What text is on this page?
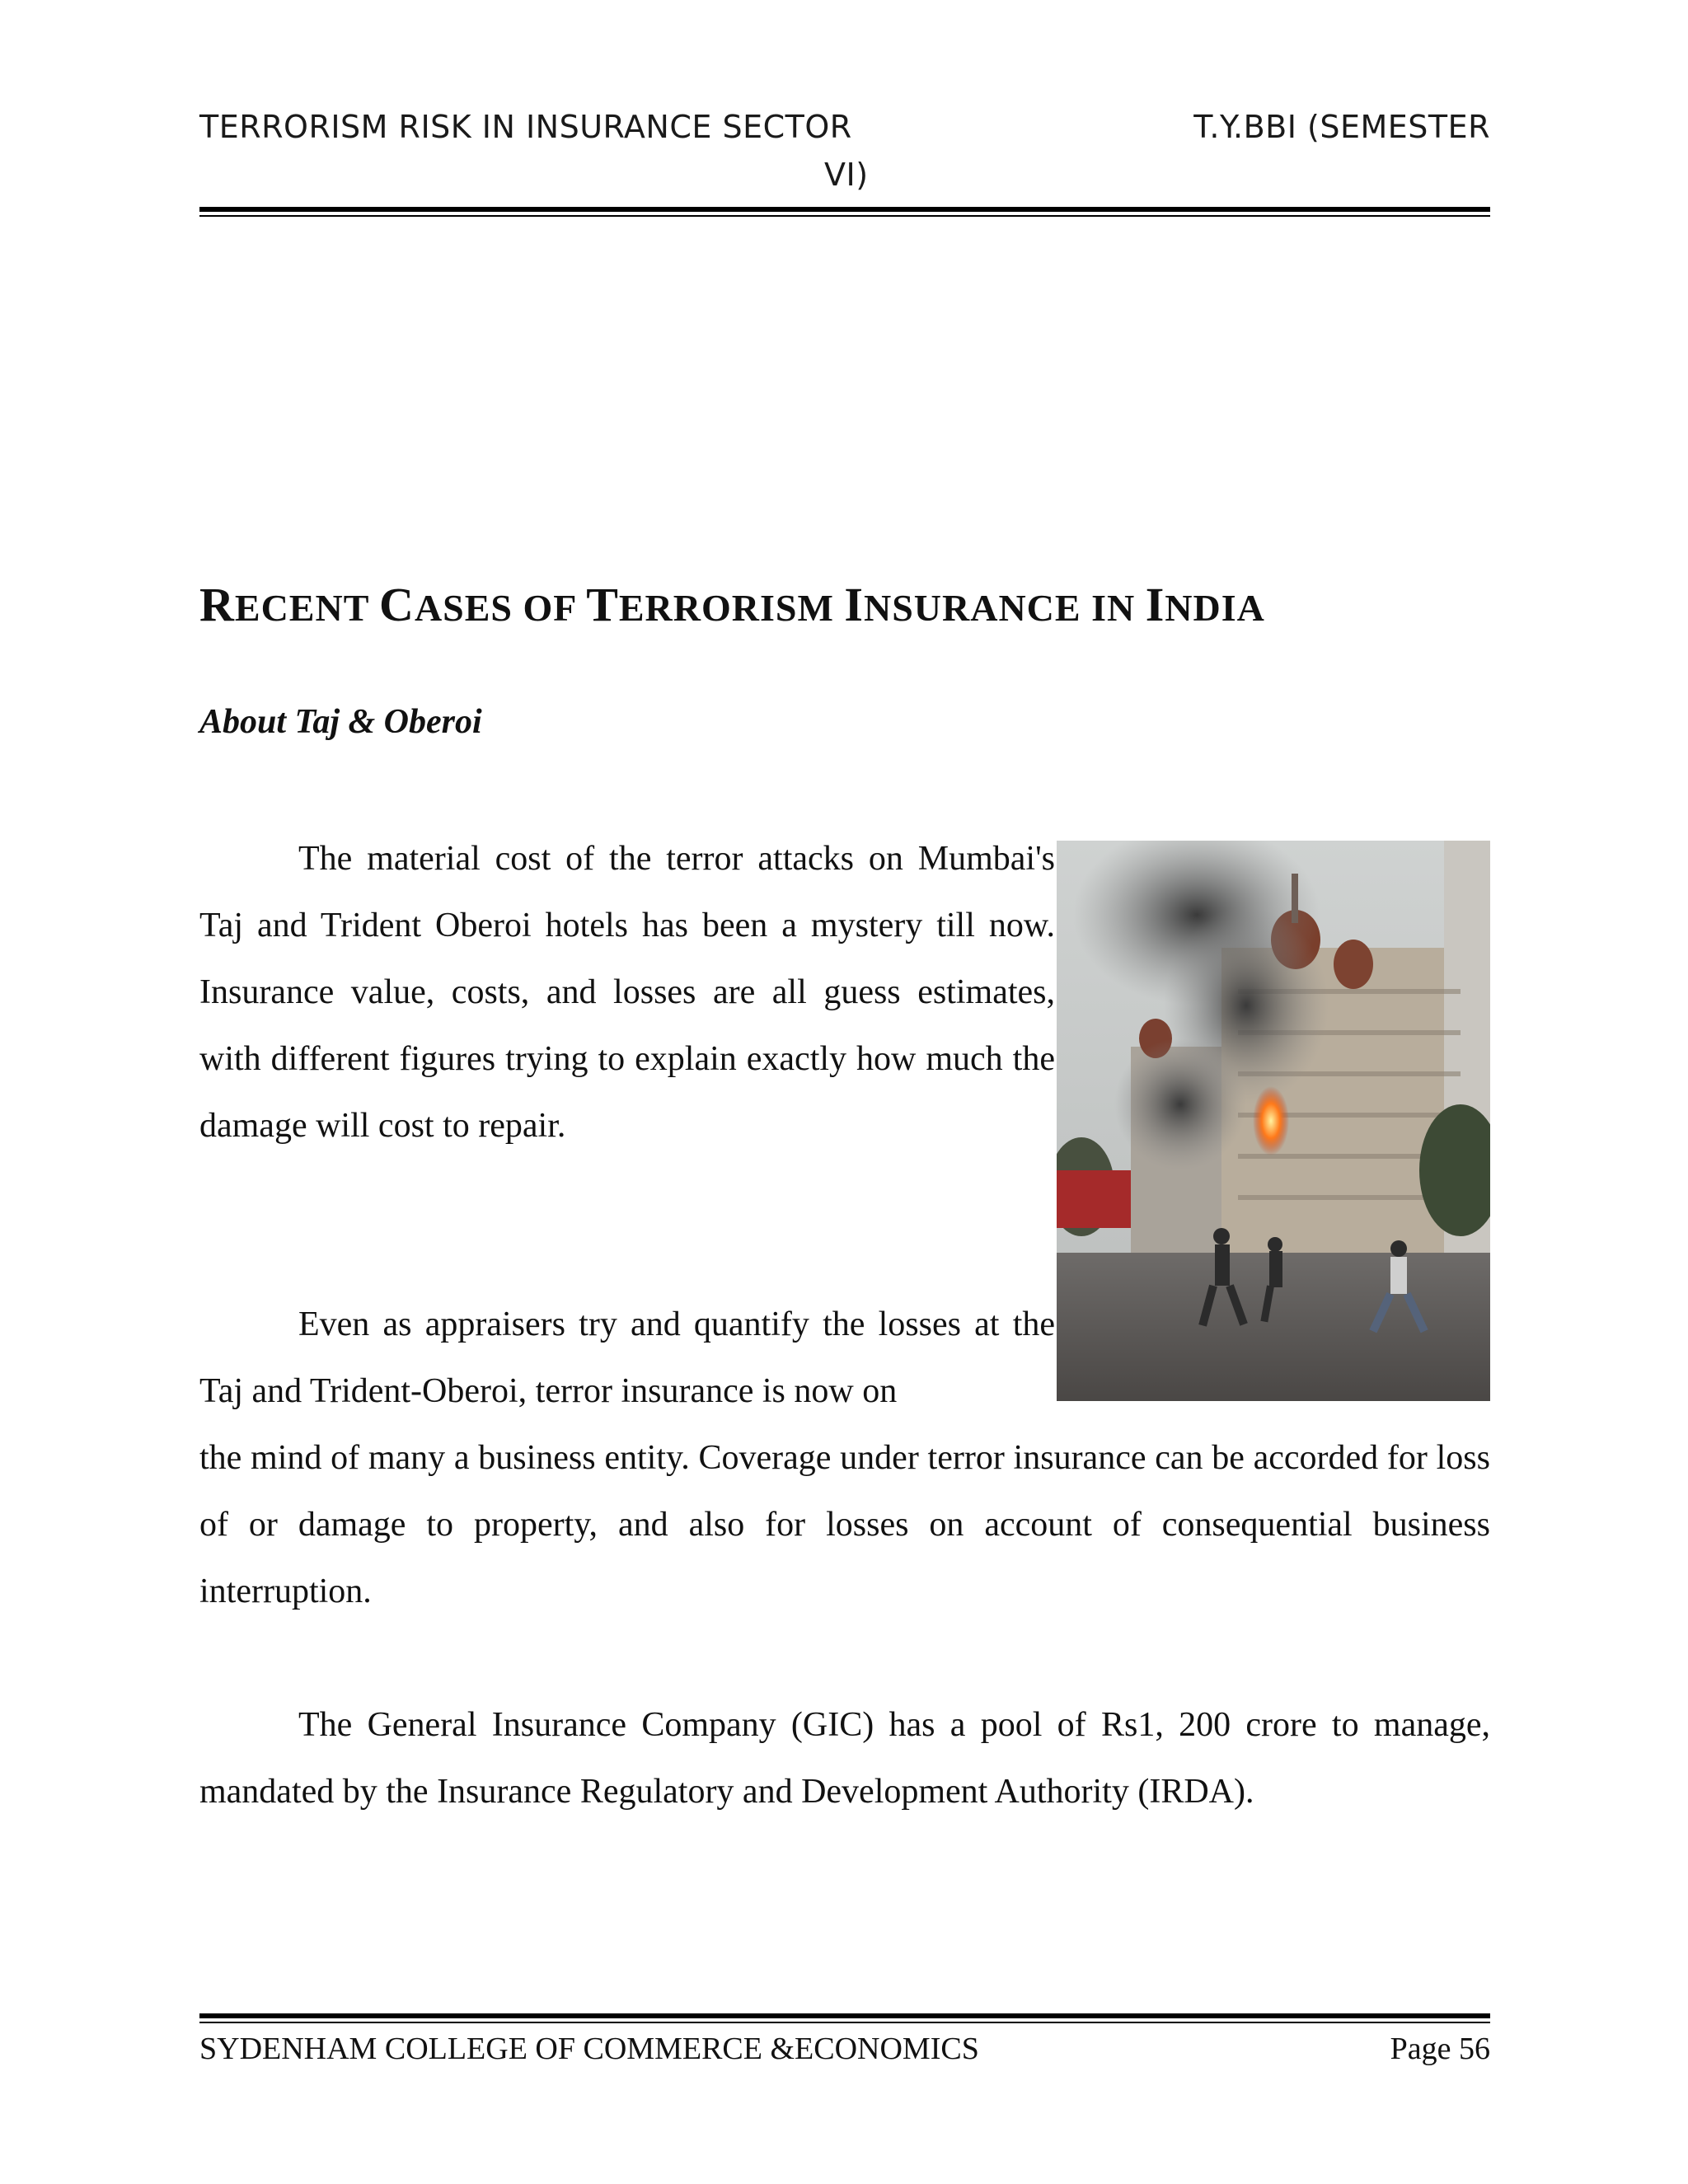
TERRORISM RISK IN INSURANCE SECTOR	T.Y.BBI (SEMESTER
VI)
RECENT CASES OF TERRORISM INSURANCE IN INDIA
About Taj & Oberoi

The material cost of the terror attacks on Mumbai's Taj and Trident Oberoi hotels has been a mystery till now. Insurance value, costs, and losses are all guess estimates, with different figures trying to explain exactly how much the damage will cost to repair.

Even as appraisers try and quantify the losses at the Taj and Trident-Oberoi, terror insurance is now on

the mind of many a business entity. Coverage under terror insurance can be accorded for loss of or damage to property, and also for losses on account of consequential business interruption.

The General Insurance Company (GIC) has a pool of Rs1, 200 crore to manage, mandated by the Insurance Regulatory and Development Authority (IRDA).

SYDENHAM COLLEGE OF COMMERCE &ECONOMICS	Page 56
